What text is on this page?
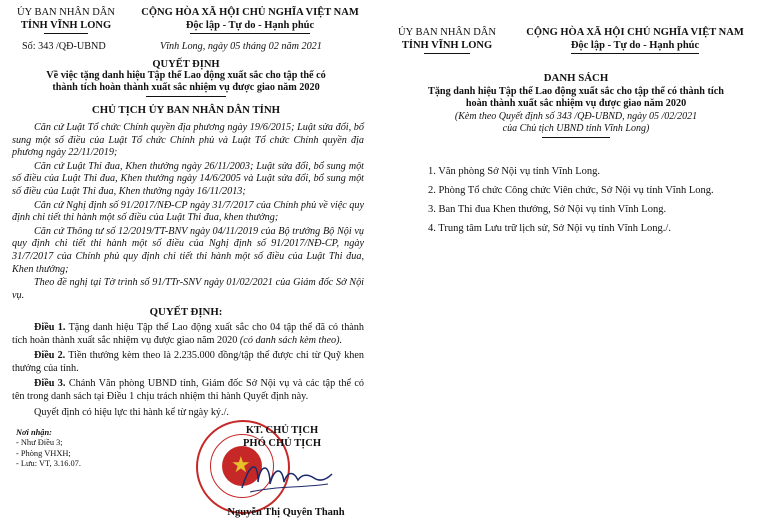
ỦY BAN NHÂN DÂN
TỈNH VĨNH LONG
CỘNG HÒA XÃ HỘI CHỦ NGHĨA VIỆT NAM
Độc lập - Tự do - Hạnh phúc
Số: 343 /QĐ-UBND	Vĩnh Long, ngày 05 tháng 02 năm 2021
QUYẾT ĐỊNH
Về việc tặng danh hiệu Tập thể Lao động xuất sắc cho tập thể có
thành tích hoàn thành xuất sắc nhiệm vụ được giao năm 2020
CHỦ TỊCH ỦY BAN NHÂN DÂN TỈNH

Căn cứ Luật Tổ chức Chính quyền địa phương ngày 19/6/2015; Luật sửa đổi, bổ sung một số điều của Luật Tổ chức Chính phủ và Luật Tổ chức Chính quyền địa phương ngày 22/11/2019;

Căn cứ Luật Thi đua, Khen thưởng ngày 26/11/2003; Luật sửa đổi, bổ sung một số điều của Luật Thi đua, Khen thưởng ngày 14/6/2005 và Luật sửa đổi, bổ sung một số điều của Luật Thi đua, Khen thưởng ngày 16/11/2013;

Căn cứ Nghị định số 91/2017/NĐ-CP ngày 31/7/2017 của Chính phủ về việc quy định chi tiết thi hành một số điều của Luật Thi đua, khen thưởng;

Căn cứ Thông tư số 12/2019/TT-BNV ngày 04/11/2019 của Bộ trưởng Bộ Nội vụ quy định chi tiết thi hành một số điều của Nghị định số 91/2017/NĐ-CP, ngày 31/7/2017 của Chính phủ quy định chi tiết thi hành một số điều của Luật Thi đua, Khen thưởng;

Theo đề nghị tại Tờ trình số 91/TTr-SNV ngày 01/02/2021 của Giám đốc Sở Nội vụ.

QUYẾT ĐỊNH:

Điều 1. Tặng danh hiệu Tập thể Lao động xuất sắc cho 04 tập thể đã có thành tích hoàn thành xuất sắc nhiệm vụ được giao năm 2020 (có danh sách kèm theo).

Điều 2. Tiền thưởng kèm theo là 2.235.000 đồng/tập thể được chi từ Quỹ khen thưởng của tỉnh.

Điều 3. Chánh Văn phòng UBND tỉnh, Giám đốc Sở Nội vụ và các tập thể có tên trong danh sách tại Điều 1 chịu trách nhiệm thi hành Quyết định này.

Quyết định có hiệu lực thi hành kể từ ngày ký./.

Nơi nhận:
- Như Điều 3;
- Phòng VHXH;
- Lưu: VT, 3.16.07.	★
KT. CHỦ TỊCH
PHÓ CHỦ TỊCH
Nguyễn Thị Quyên Thanh
ỦY BAN NHÂN DÂN
TỈNH VĨNH LONG
CỘNG HÒA XÃ HỘI CHỦ NGHĨA VIỆT NAM
Độc lập - Tự do - Hạnh phúc
DANH SÁCH
Tặng danh hiệu Tập thể Lao động xuất sắc cho tập thể có thành tích
hoàn thành xuất sắc nhiệm vụ được giao năm 2020
(Kèm theo Quyết định số 343 /QĐ-UBND, ngày 05 /02/2021
của Chủ tịch UBND tỉnh Vĩnh Long)
1. Văn phòng Sở Nội vụ tỉnh Vĩnh Long.
2. Phòng Tổ chức Công chức Viên chức, Sở Nội vụ tỉnh Vĩnh Long.
3. Ban Thi đua Khen thưởng, Sở Nội vụ tỉnh Vĩnh Long.
4. Trung tâm Lưu trữ lịch sử, Sở Nội vụ tỉnh Vĩnh Long./.
